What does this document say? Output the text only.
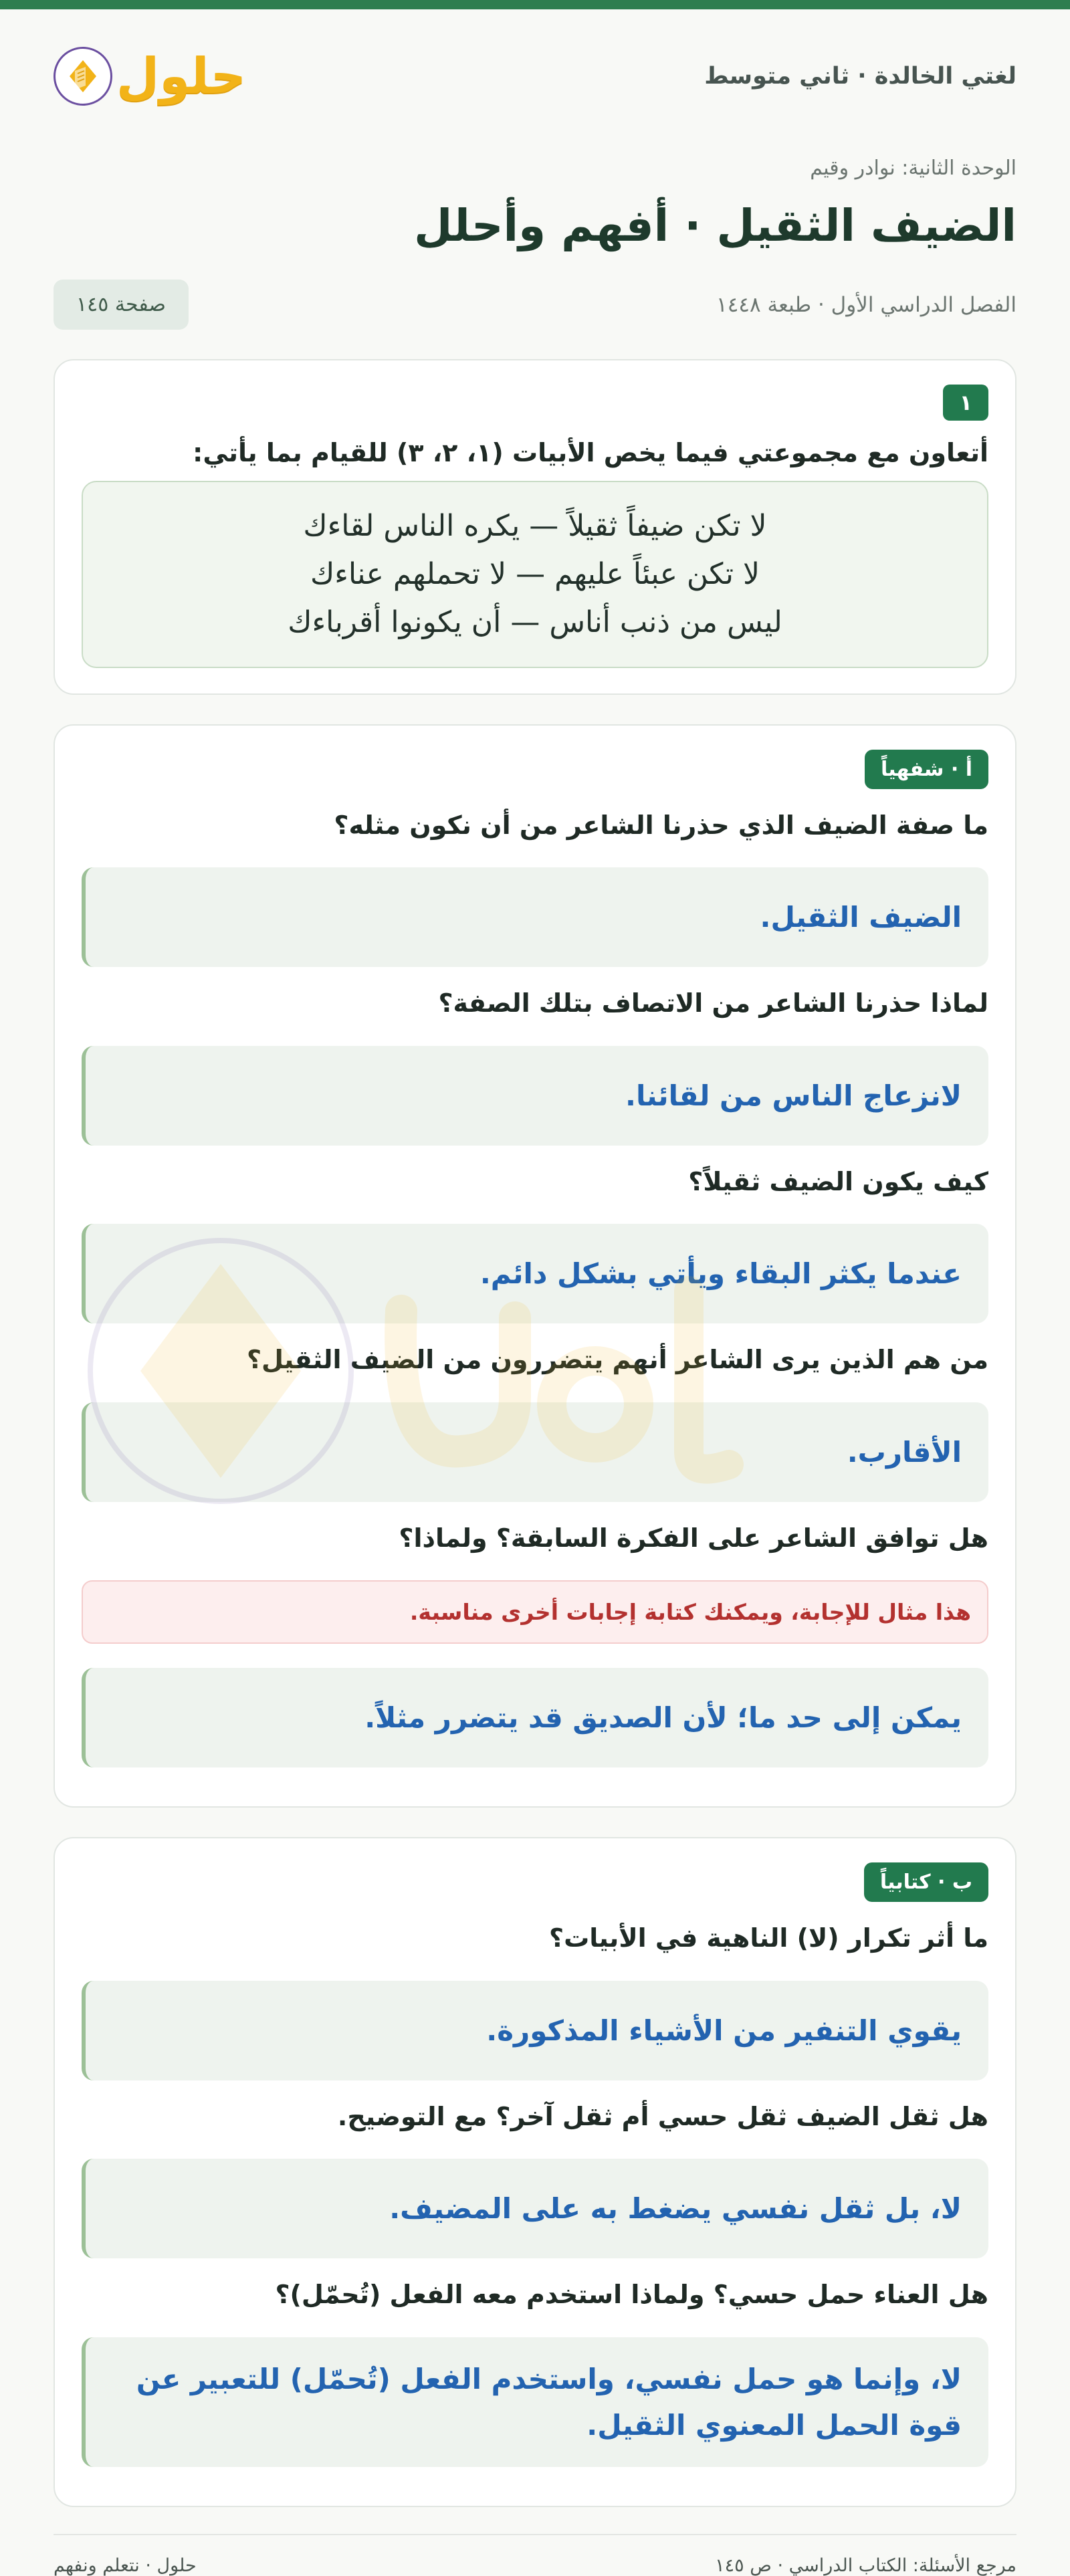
لغتي الخالدة · ثاني متوسط
حلول
الوحدة الثانية: نوادر وقيم
الضيف الثقيل · أفهم وأحلل
الفصل الدراسي الأول · طبعة ١٤٤٨
صفحة ١٤٥
١
أتعاون مع مجموعتي فيما يخص الأبيات (١، ٢، ٣) للقيام بما يأتي:
لا تكن ضيفاً ثقيلاً — يكره الناس لقاءك
لا تكن عبئاً عليهم — لا تحملهم عناءك
ليس من ذنب أناس — أن يكونوا أقرباءك
أ · شفهياً
ما صفة الضيف الذي حذرنا الشاعر من أن نكون مثله؟
الضيف الثقيل.
لماذا حذرنا الشاعر من الاتصاف بتلك الصفة؟
لانزعاج الناس من لقائنا.
كيف يكون الضيف ثقيلاً؟
عندما يكثر البقاء ويأتي بشكل دائم.
من هم الذين يرى الشاعر أنهم يتضررون من الضيف الثقيل؟
الأقارب.
هل توافق الشاعر على الفكرة السابقة؟ ولماذا؟
هذا مثال للإجابة، ويمكنك كتابة إجابات أخرى مناسبة.
يمكن إلى حد ما؛ لأن الصديق قد يتضرر مثلاً.
ب · كتابياً
ما أثر تكرار (لا) الناهية في الأبيات؟
يقوي التنفير من الأشياء المذكورة.
هل ثقل الضيف ثقل حسي أم ثقل آخر؟ مع التوضيح.
لا، بل ثقل نفسي يضغط به على المضيف.
هل العناء حمل حسي؟ ولماذا استخدم معه الفعل (تُحمّل)؟
لا، وإنما هو حمل نفسي، واستخدم الفعل (تُحمّل) للتعبير عن قوة الحمل المعنوي الثقيل.
مرجع الأسئلة: الكتاب الدراسي · ص ١٤٥
حلول · نتعلم ونفهم
